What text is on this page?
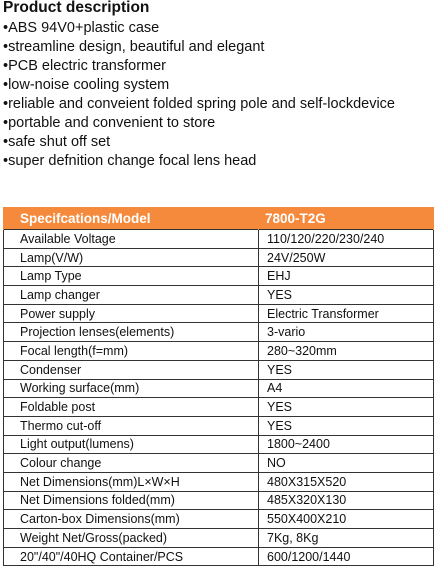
Product description
•ABS 94V0+plastic case
•streamline design, beautiful and elegant
•PCB electric transformer
•low-noise cooling system
•reliable and conveient folded spring pole and self-lockdevice
•portable and convenient to store
•safe shut off set
•super defnition change focal lens head
Specifcations/Model	7800-T2G
Available Voltage	110/120/220/230/240
Lamp(V/W)	24V/250W
Lamp Type	EHJ
Lamp changer	YES
Power supply	Electric Transformer
Projection lenses(elements)	3-vario
Focal length(f=mm)	280~320mm
Condenser	YES
Working surface(mm)	A4
Foldable post	YES
Thermo cut-off	YES
Light output(lumens)	1800~2400
Colour change	NO
Net Dimensions(mm)L×W×H	480X315X520
Net Dimensions folded(mm)	485X320X130
Carton-box Dimensions(mm)	550X400X210
Weight Net/Gross(packed)	7Kg, 8Kg
20"/40"/40HQ Container/PCS	600/1200/1440
